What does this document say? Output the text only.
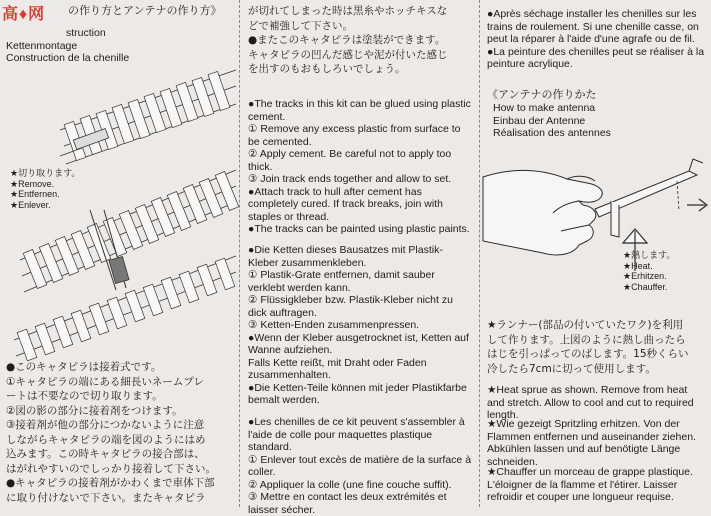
高♦网	の作り方とアンテナの作り方》
struction
Kettenmontage
Construction de la chenille
★切り取ります。
★Remove.
★Entfernen.
★Enlever.
●このキャタピラは接着式です。
①キャタピラの端にある細長いネームプレ
ートは不要なので切り取ります。
②図の影の部分に接着剤をつけます。
③接着剤が他の部分につかないように注意
しながらキャタピラの端を図のようにはめ
込みます。この時キャタピラの接合部は、
はがれやすいのでしっかり接着して下さい。
●キャタピラの接着剤がかわくまで車体下部
に取り付けないで下さい。またキャタピラ
が切れてしまった時は黒糸やホッチキスな
どで補強して下さい。
●またこのキャタピラは塗装ができます。
キャタピラの凹んだ感じや泥が付いた感じ
を出すのもおもしろいでしょう。
●The tracks in this kit can be glued using plastic cement.
① Remove any excess plastic from surface to be cemented.
② Apply cement. Be careful not to apply too thick.
③ Join track ends together and allow to set.
●Attach track to hull after cement has completely cured. If track breaks, join with staples or thread.
●The tracks can be painted using plastic paints.
●Die Ketten dieses Bausatzes mit Plastik-Kleber zusammenkleben.
① Plastik-Grate entfernen, damit sauber verklebt werden kann.
② Flüssigkleber bzw. Plastik-Kleber nicht zu dick auftragen.
③ Ketten-Enden zusammenpressen.
●Wenn der Kleber ausgetrocknet ist, Ketten auf Wanne aufziehen.
Falls Kette reißt, mit Draht oder Faden zusammenhalten.
●Die Ketten-Teile können mit jeder Plastikfarbe bemalt werden.
●Les chenilles de ce kit peuvent s'assembler à l'aide de colle pour maquettes plastique standard.
① Enlever tout excès de matière de la surface à coller.
② Appliquer la colle (une fine couche suffit).
③ Mettre en contact les deux extrémités et laisser sécher.
●Après séchage installer les chenilles sur les trains de roulement. Si une chenille casse, on peut la réparer à l'aide d'une agrafe ou de fil.
●La peinture des chenilles peut se réaliser à la peinture acrylique.
《アンテナの作りかた
How to make antenna
Einbau der Antenne
Réalisation des antennes
★熱します。
★Heat.
★Erhitzen.
★Chauffer.
★ランナー(部品の付いていたワク)を利用
して作ります。上図のように熱し曲ったら
はじを引っぱってのばします。15秒くらい
冷したら7cmに切って使用します。
★Heat sprue as shown. Remove from heat and stretch. Allow to cool and cut to required length.
★Wie gezeigt Spritzling erhitzen. Von der Flammen entfernen und auseinander ziehen. Abkühlen lassen und auf benötigte Länge schneiden.
★Chauffer un morceau de grappe plastique. L'éloigner de la flamme et l'étirer. Laisser refroidir et couper une longueur requise.
